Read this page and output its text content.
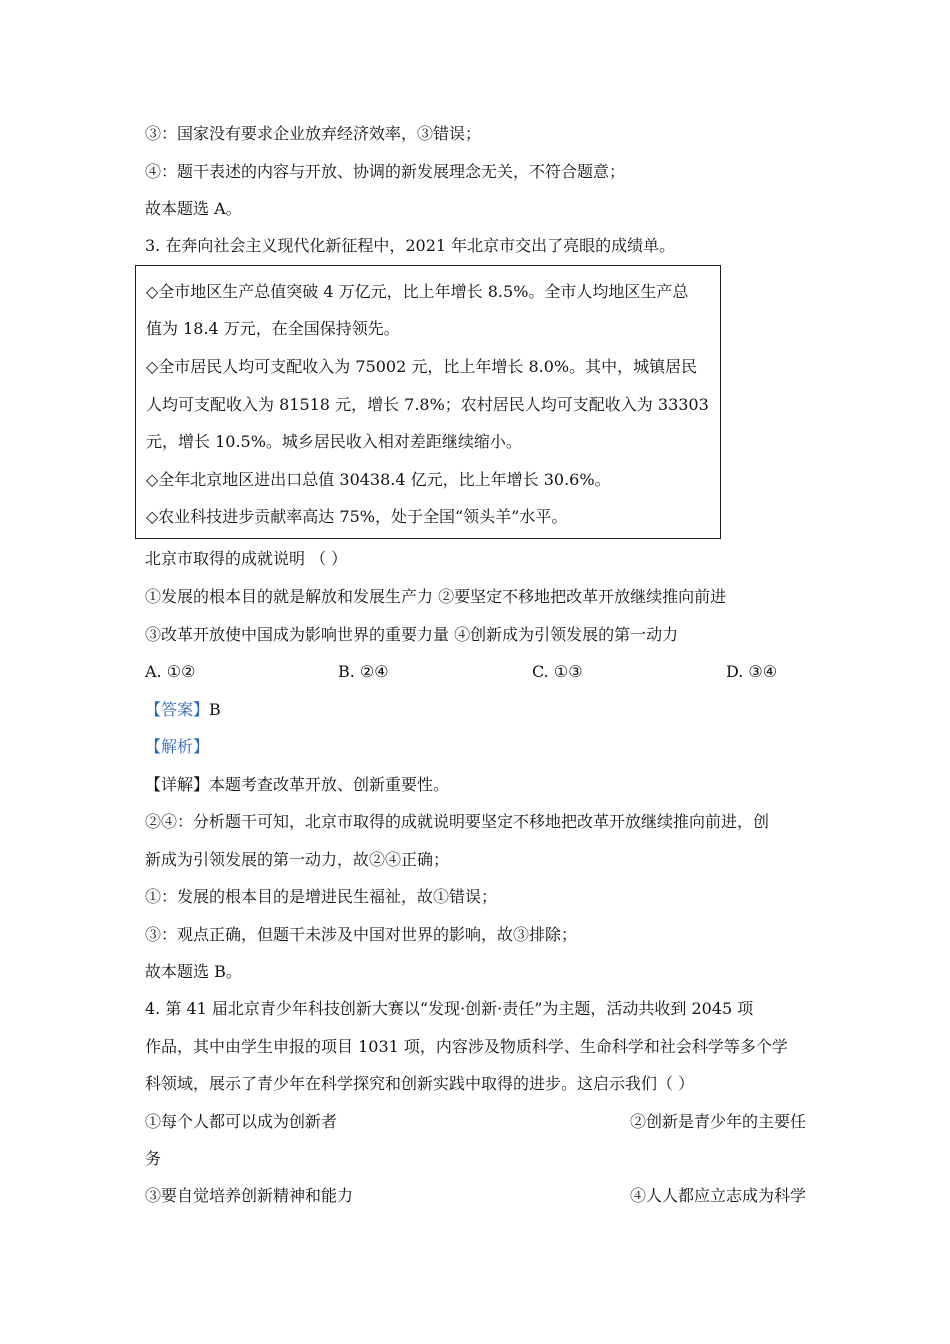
③：国家没有要求企业放弃经济效率，③错误；
④：题干表述的内容与开放、协调的新发展理念无关，不符合题意；
故本题选 A。
3. 在奔向社会主义现代化新征程中，2021 年北京市交出了亮眼的成绩单。
◇全市地区生产总值突破 4 万亿元，比上年增长 8.5%。全市人均地区生产总
值为 18.4 万元，在全国保持领先。
◇全市居民人均可支配收入为 75002 元，比上年增长 8.0%。其中，城镇居民
人均可支配收入为 81518 元，增长 7.8%；农村居民人均可支配收入为 33303
元，增长 10.5%。城乡居民收入相对差距继续缩小。
◇全年北京地区进出口总值 30438.4 亿元，比上年增长 30.6%。
◇农业科技进步贡献率高达 75%，处于全国“领头羊”水平。
北京市取得的成就说明 （ ）
①发展的根本目的就是解放和发展生产力 ②要坚定不移地把改革开放继续推向前进
③改革开放使中国成为影响世界的重要力量 ④创新成为引领发展的第一动力
A. ①②	B. ②④	C. ①③	D. ③④
【答案】B
【解析】
【详解】本题考查改革开放、创新重要性。
②④：分析题干可知，北京市取得的成就说明要坚定不移地把改革开放继续推向前进，创
新成为引领发展的第一动力，故②④正确；
①：发展的根本目的是增进民生福祉，故①错误；
③：观点正确，但题干未涉及中国对世界的影响，故③排除；
故本题选 B。
4. 第 41 届北京青少年科技创新大赛以“发现·创新·责任”为主题，活动共收到 2045 项
作品，其中由学生申报的项目 1031 项，内容涉及物质科学、生命科学和社会科学等多个学
科领域，展示了青少年在科学探究和创新实践中取得的进步。这启示我们（ ）
①每个人都可以成为创新者	②创新是青少年的主要任
务
③要自觉培养创新精神和能力	④人人都应立志成为科学
